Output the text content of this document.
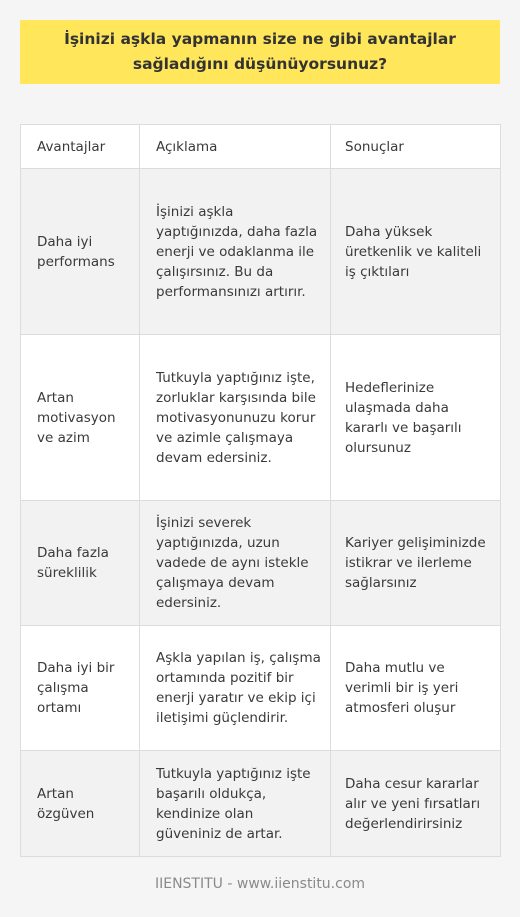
İşinizi aşkla yapmanın size ne gibi avantajlar sağladığını düşünüyorsunuz?
Avantajlar	Açıklama	Sonuçlar
Daha iyi performans	İşinizi aşkla yaptığınızda, daha fazla enerji ve odaklanma ile çalışırsınız. Bu da performansınızı artırır.	Daha yüksek üretkenlik ve kaliteli iş çıktıları
Artan motivasyon ve azim	Tutkuyla yaptığınız işte, zorluklar karşısında bile motivasyonunuzu korur ve azimle çalışmaya devam edersiniz.	Hedeflerinize ulaşmada daha kararlı ve başarılı olursunuz
Daha fazla süreklilik	İşinizi severek yaptığınızda, uzun vadede de aynı istekle çalışmaya devam edersiniz.	Kariyer gelişiminizde istikrar ve ilerleme sağlarsınız
Daha iyi bir çalışma ortamı	Aşkla yapılan iş, çalışma ortamında pozitif bir enerji yaratır ve ekip içi iletişimi güçlendirir.	Daha mutlu ve verimli bir iş yeri atmosferi oluşur
Artan özgüven	Tutkuyla yaptığınız işte başarılı oldukça, kendinize olan güveniniz de artar.	Daha cesur kararlar alır ve yeni fırsatları değerlendirirsiniz
IIENSTITU - www.iienstitu.com
